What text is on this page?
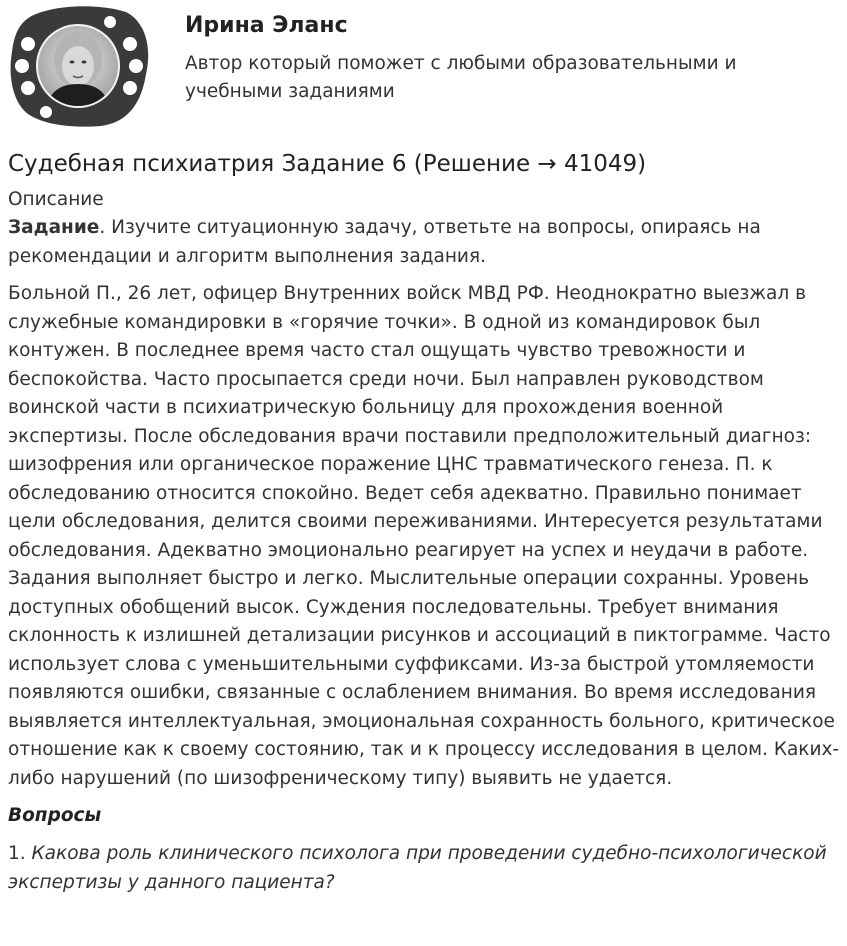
Ирина Эланс
Автор который поможет с любыми образовательными и учебными заданиями
Судебная психиатрия Задание 6 (Решение → 41049)
Описание

Задание. Изучите ситуационную задачу, ответьте на вопросы, опираясь на рекомендации и алгоритм выполнения задания.

Больной П., 26 лет, офицер Внутренних войск МВД РФ. Неоднократно выезжал в служебные командировки в «горячие точки». В одной из командировок был контужен. В последнее время часто стал ощущать чувство тревожности и беспокойства. Часто просыпается среди ночи. Был направлен руководством воинской части в психиатрическую больницу для прохождения военной экспертизы. После обследования врачи поставили предположительный диагноз: шизофрения или органическое поражение ЦНС травматического генеза. П. к обследованию относится спокойно. Ведет себя адекватно. Правильно понимает цели обследования, делится своими переживаниями. Интересуется результатами обследования. Адекватно эмоционально реагирует на успех и неудачи в работе. Задания выполняет быстро и легко. Мыслительные операции сохранны. Уровень доступных обобщений высок. Суждения последовательны. Требует внимания склонность к излишней детализации рисунков и ассоциаций в пиктограмме. Часто использует слова с уменьшительными суффиксами. Из-за быстрой утомляемости появляются ошибки, связанные с ослаблением внимания. Во время исследования выявляется интеллектуальная, эмоциональная сохранность больного, критическое отношение как к своему состоянию, так и к процессу исследования в целом. Каких-либо нарушений (по шизофреническому типу) выявить не удается.

Вопросы
1. Какова роль клинического психолога при проведении судебно-психологической экспертизы у данного пациента?
